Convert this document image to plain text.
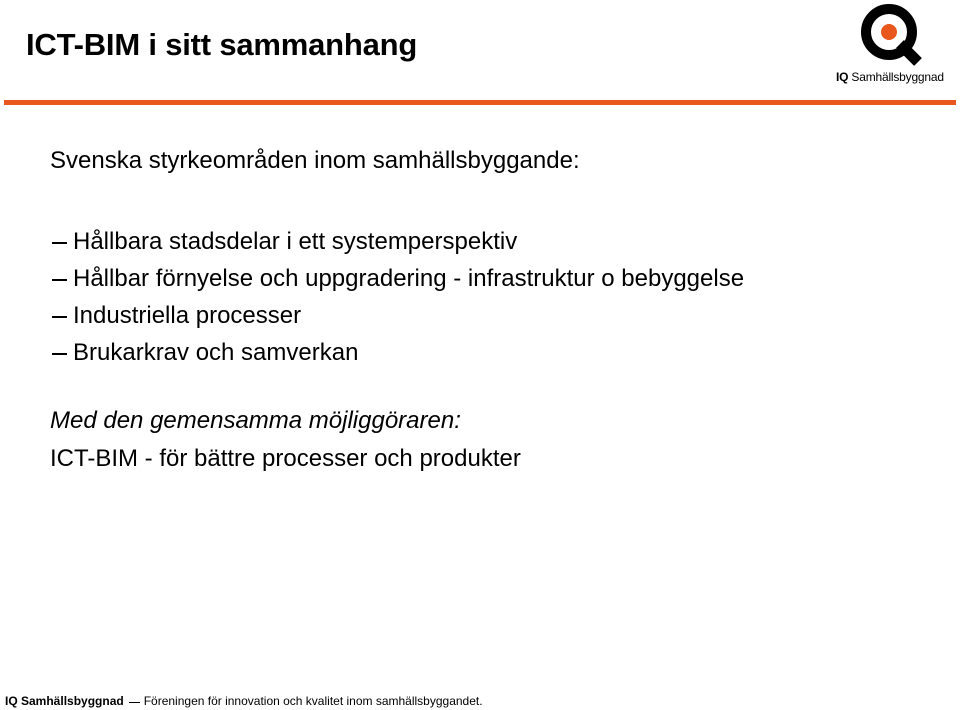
ICT-BIM i sitt sammanhang
IQ Samhällsbyggnad
Svenska styrkeområden inom samhällsbyggande:
Hållbara stadsdelar i ett systemperspektiv
Hållbar förnyelse och uppgradering - infrastruktur o bebyggelse
Industriella processer
Brukarkrav och samverkan
Med den gemensamma möjliggöraren:
ICT-BIM - för bättre processer och produkter
IQ Samhällsbyggnad Föreningen för innovation och kvalitet inom samhällsbyggandet.
